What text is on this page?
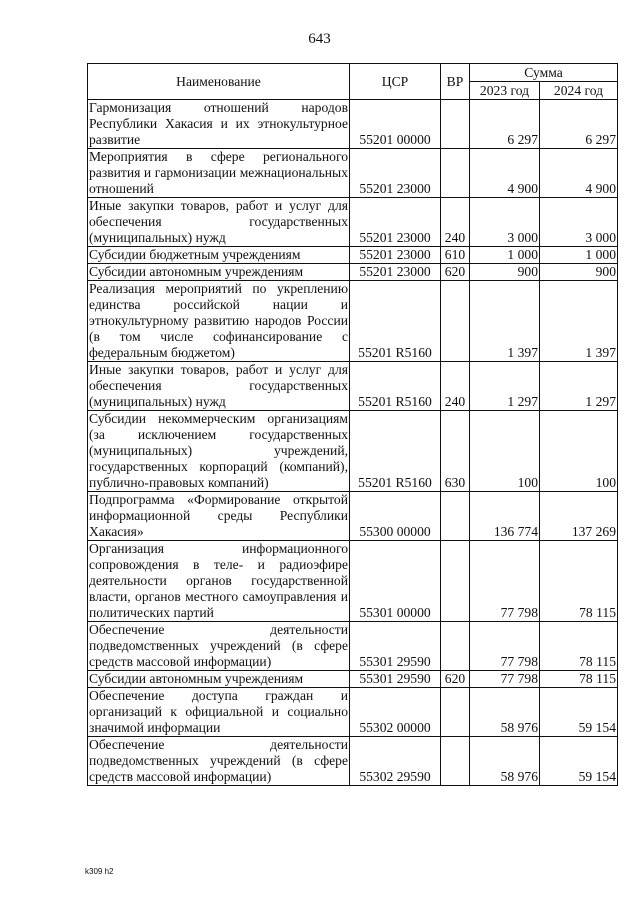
643
Наименование	ЦСР	ВР	Сумма	
			2023 год	2024 год
Гармонизация отношений народов Республики Хакасия и их этнокультурное развитие	55201 00000		6 297	6 297
Мероприятия в сфере регионального развития и гармонизации межнациональных отношений	55201 23000		4 900	4 900
Иные закупки товаров, работ и услуг для обеспечения государственных (муниципальных) нужд	55201 23000	240	3 000	3 000
Субсидии бюджетным учреждениям	55201 23000	610	1 000	1 000
Субсидии автономным учреждениям	55201 23000	620	900	900
Реализация мероприятий по укреплению единства российской нации и этнокультурному развитию народов России (в том числе софинансирование с федеральным бюджетом)	55201 R5160		1 397	1 397
Иные закупки товаров, работ и услуг для обеспечения государственных (муниципальных) нужд	55201 R5160	240	1 297	1 297
Субсидии некоммерческим организациям (за исключением государственных (муниципальных) учреждений, государственных корпораций (компаний), публично-правовых компаний)	55201 R5160	630	100	100
Подпрограмма «Формирование открытой информационной среды Республики Хакасия»	55300 00000		136 774	137 269
Организация информационного сопровождения в теле- и радиоэфире деятельности органов государственной власти, органов местного самоуправления и политических партий	55301 00000		77 798	78 115
Обеспечение деятельности подведомственных учреждений (в сфере средств массовой информации)	55301 29590		77 798	78 115
Субсидии автономным учреждениям	55301 29590	620	77 798	78 115
Обеспечение доступа граждан и организаций к официальной и социально значимой информации	55302 00000		58 976	59 154
Обеспечение деятельности подведомственных учреждений (в сфере средств массовой информации)	55302 29590		58 976	59 154
k309 h2
